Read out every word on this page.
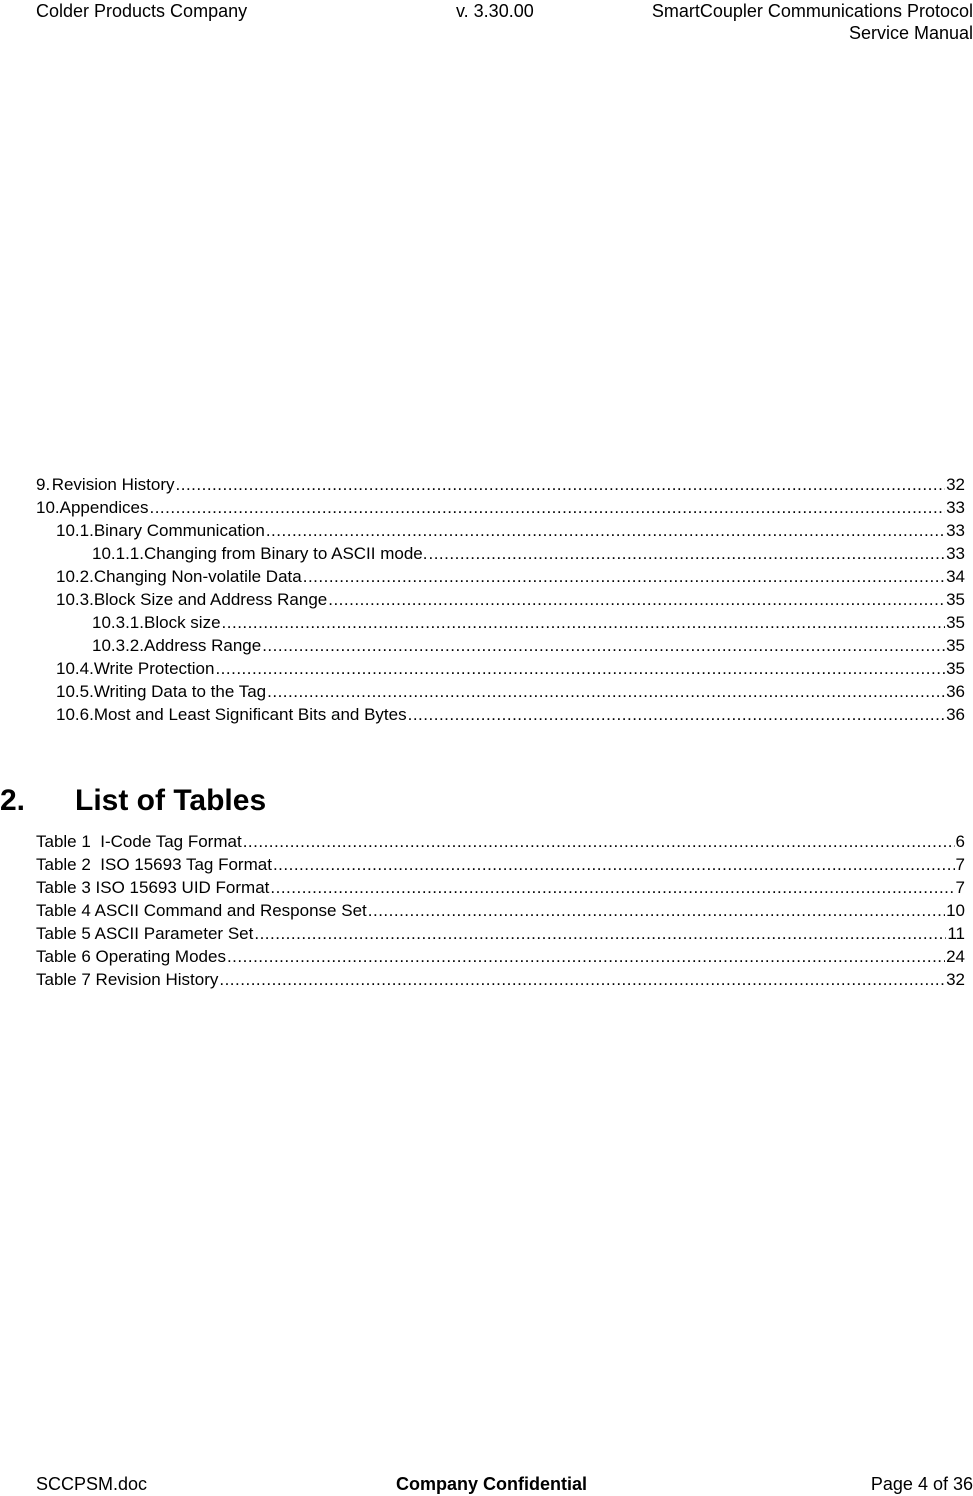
Colder Products Company	v. 3.30.00	SmartCoupler Communications Protocol
Service Manual
9. Revision History .....	32
10. Appendices .....	33
10.1. Binary Communication .....	33
10.1.1. Changing from Binary to ASCII mode. .....	33
10.2. Changing Non-volatile Data .....	34
10.3. Block Size and Address Range .....	35
10.3.1. Block size .....	35
10.3.2. Address Range .....	35
10.4. Write Protection .....	35
10.5. Writing Data to the Tag .....	36
10.6. Most and Least Significant Bits and Bytes .....	36
2. List of Tables
Table 1  I-Code Tag Format .....	6
Table 2  ISO 15693 Tag Format .....	7
Table 3 ISO 15693 UID Format .....	7
Table 4 ASCII Command and Response Set .....	10
Table 5 ASCII Parameter Set .....	11
Table 6 Operating Modes .....	24
Table 7 Revision History .....	32
SCCPSM.doc	Company Confidential	Page 4 of 36
